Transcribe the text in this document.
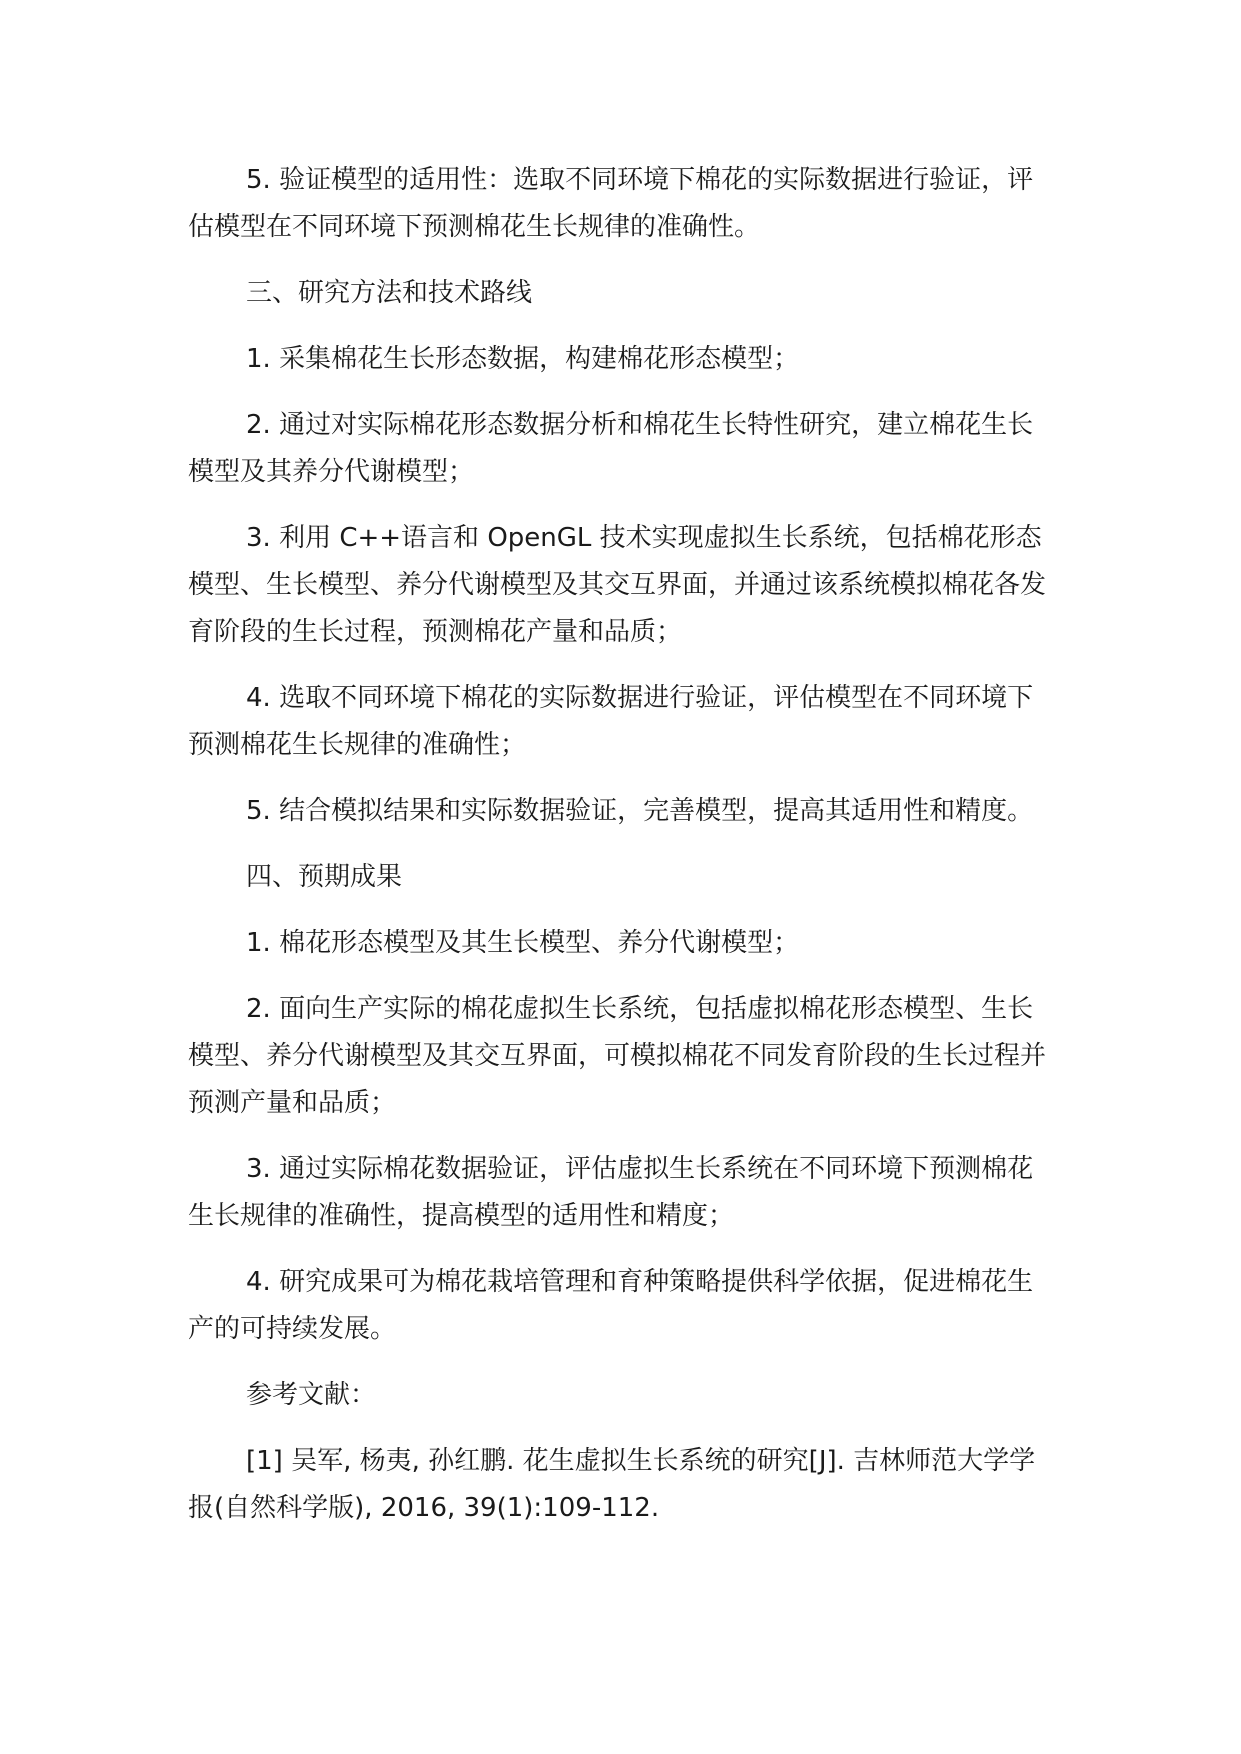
5. 验证模型的适用性：选取不同环境下棉花的实际数据进行验证，评估模型在不同环境下预测棉花生长规律的准确性。

三、研究方法和技术路线

1. 采集棉花生长形态数据，构建棉花形态模型；

2. 通过对实际棉花形态数据分析和棉花生长特性研究，建立棉花生长模型及其养分代谢模型；

3. 利用 C++语言和 OpenGL 技术实现虚拟生长系统，包括棉花形态模型、生长模型、养分代谢模型及其交互界面，并通过该系统模拟棉花各发育阶段的生长过程，预测棉花产量和品质；

4. 选取不同环境下棉花的实际数据进行验证，评估模型在不同环境下预测棉花生长规律的准确性；

5. 结合模拟结果和实际数据验证，完善模型，提高其适用性和精度。

四、预期成果

1. 棉花形态模型及其生长模型、养分代谢模型；

2. 面向生产实际的棉花虚拟生长系统，包括虚拟棉花形态模型、生长模型、养分代谢模型及其交互界面，可模拟棉花不同发育阶段的生长过程并预测产量和品质；

3. 通过实际棉花数据验证，评估虚拟生长系统在不同环境下预测棉花生长规律的准确性，提高模型的适用性和精度；

4. 研究成果可为棉花栽培管理和育种策略提供科学依据，促进棉花生产的可持续发展。

参考文献：

[1] 吴军, 杨夷, 孙红鹏. 花生虚拟生长系统的研究[J]. 吉林师范大学学报(自然科学版), 2016, 39(1):109-112.
